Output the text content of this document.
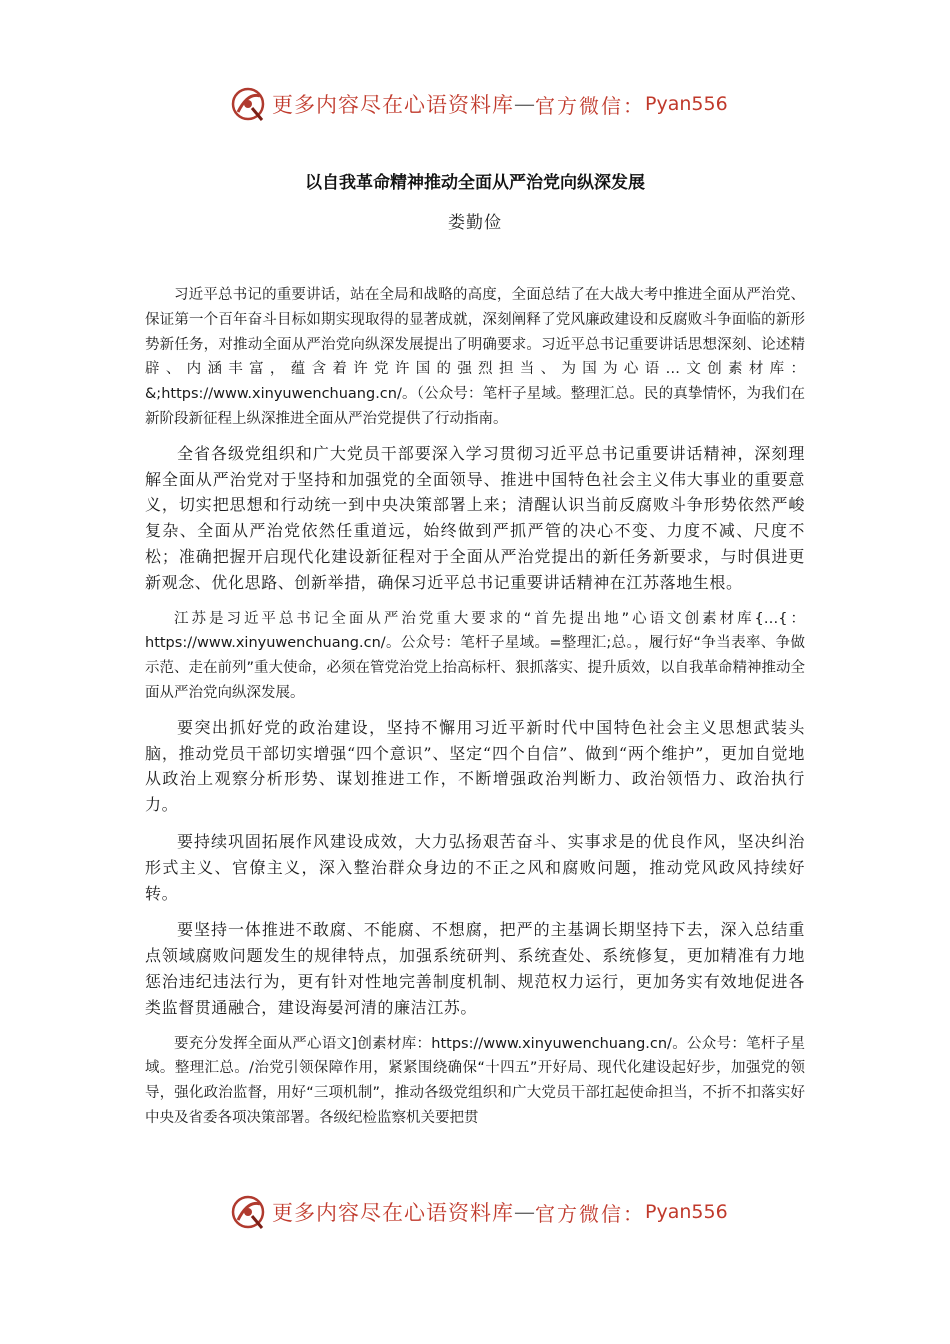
更多内容尽在心语资料库 — 官方微信： Pyan556
以自我革命精神推动全面从严治党向纵深发展
娄勤俭

习近平总书记的重要讲话，站在全局和战略的高度，全面总结了在大战大考中推进全面从严治党、保证第一个百年奋斗目标如期实现取得的显著成就，深刻阐释了党风廉政建设和反腐败斗争面临的新形势新任务，对推动全面从严治党向纵深发展提出了明确要求。习近平总书记重要讲话思想深刻、论述精辟、内涵丰富，蕴含着许党许国的强烈担当、为国为心语…文创素材库：&;https://www.xinyuwenchuang.cn/。（公众号：笔杆子星域。整理汇总。民的真挚情怀，为我们在新阶段新征程上纵深推进全面从严治党提供了行动指南。

全省各级党组织和广大党员干部要深入学习贯彻习近平总书记重要讲话精神，深刻理解全面从严治党对于坚持和加强党的全面领导、推进中国特色社会主义伟大事业的重要意义，切实把思想和行动统一到中央决策部署上来；清醒认识当前反腐败斗争形势依然严峻复杂、全面从严治党依然任重道远，始终做到严抓严管的决心不变、力度不减、尺度不松；准确把握开启现代化建设新征程对于全面从严治党提出的新任务新要求，与时俱进更新观念、优化思路、创新举措，确保习近平总书记重要讲话精神在江苏落地生根。

江苏是习近平总书记全面从严治党重大要求的“首先提出地”心语文创素材库{…{：https://www.xinyuwenchuang.cn/。公众号：笔杆子星域。=整理汇;总。，履行好“争当表率、争做示范、走在前列”重大使命，必须在管党治党上抬高标杆、狠抓落实、提升质效，以自我革命精神推动全面从严治党向纵深发展。

要突出抓好党的政治建设，坚持不懈用习近平新时代中国特色社会主义思想武装头脑，推动党员干部切实增强“四个意识”、坚定“四个自信”、做到“两个维护”，更加自觉地从政治上观察分析形势、谋划推进工作，不断增强政治判断力、政治领悟力、政治执行力。

要持续巩固拓展作风建设成效，大力弘扬艰苦奋斗、实事求是的优良作风，坚决纠治形式主义、官僚主义，深入整治群众身边的不正之风和腐败问题，推动党风政风持续好转。

要坚持一体推进不敢腐、不能腐、不想腐，把严的主基调长期坚持下去，深入总结重点领域腐败问题发生的规律特点，加强系统研判、系统查处、系统修复，更加精准有力地惩治违纪违法行为，更有针对性地完善制度机制、规范权力运行，更加务实有效地促进各类监督贯通融合，建设海晏河清的廉洁江苏。

要充分发挥全面从严心语文]创素材库：https://www.xinyuwenchuang.cn/。公众号：笔杆子星域。整理汇总。/治党引领保障作用，紧紧围绕确保“十四五”开好局、现代化建设起好步，加强党的领导，强化政治监督，用好“三项机制”，推动各级党组织和广大党员干部扛起使命担当，不折不扣落实好中央及省委各项决策部署。各级纪检监察机关要把贯

更多内容尽在心语资料库 — 官方微信： Pyan556
